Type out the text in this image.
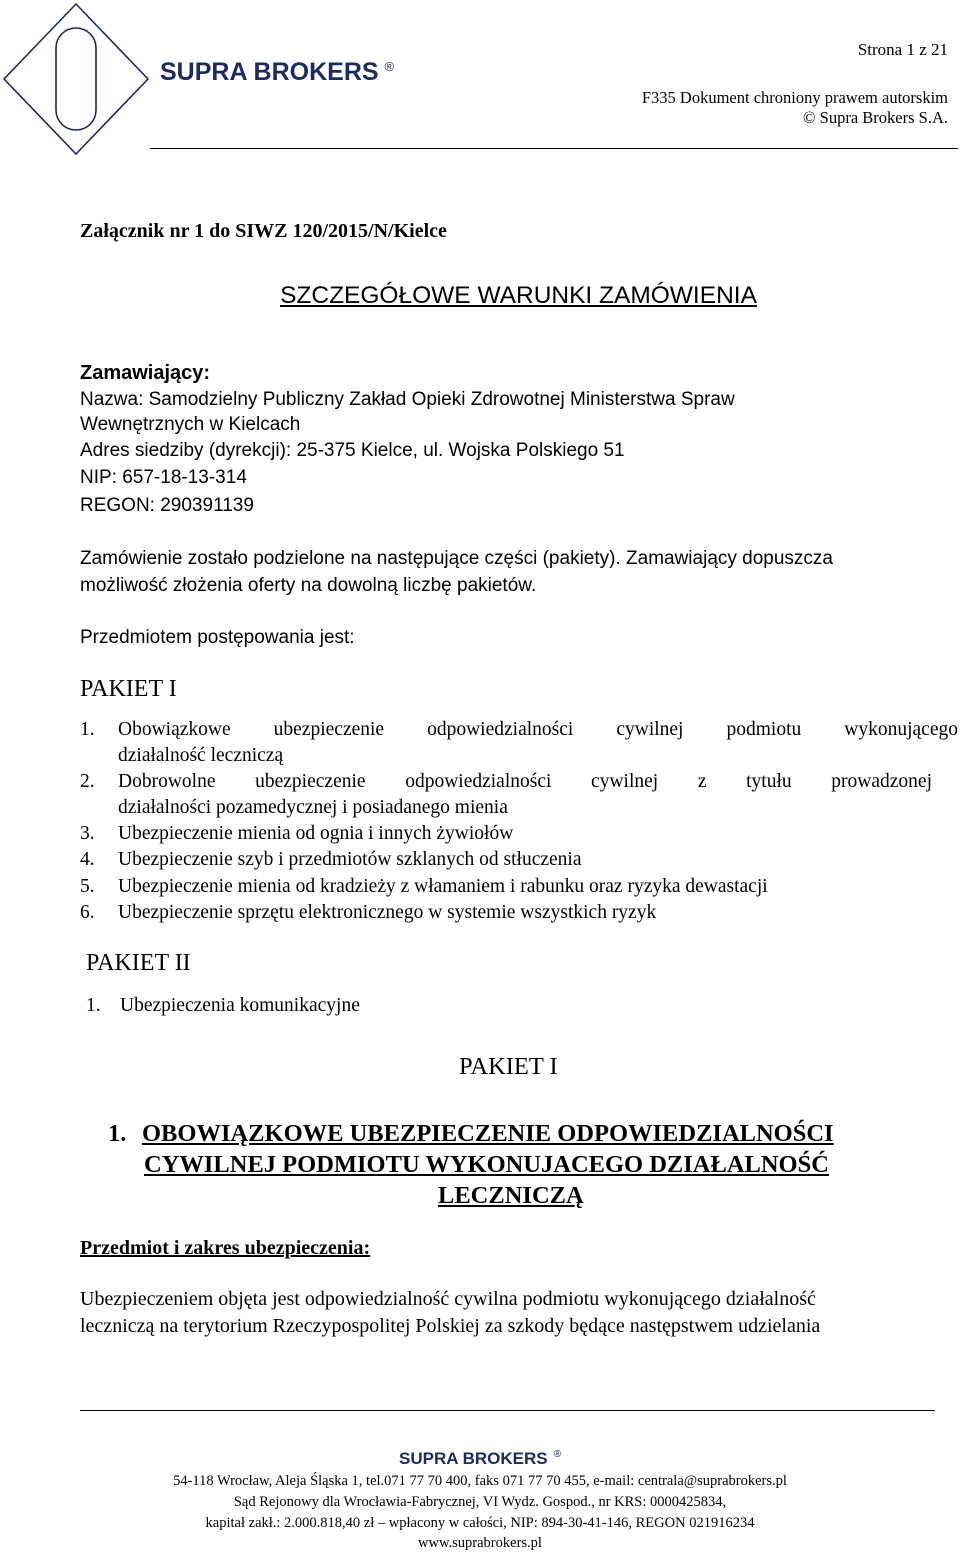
SUPRA BROKERS ®
Strona 1 z 21
F335 Dokument chroniony prawem autorskim
© Supra Brokers S.A.
Załącznik nr 1 do SIWZ 120/2015/N/Kielce
SZCZEGÓŁOWE WARUNKI ZAMÓWIENIA
Zamawiający:
Nazwa: Samodzielny Publiczny Zakład Opieki Zdrowotnej Ministerstwa Spraw
Wewnętrznych w Kielcach
Adres siedziby (dyrekcji): 25-375 Kielce, ul. Wojska Polskiego 51
NIP: 657-18-13-314
REGON: 290391139
Zamówienie zostało podzielone na następujące części (pakiety). Zamawiający dopuszcza
możliwość złożenia oferty na dowolną liczbę pakietów.
Przedmiotem postępowania jest:
PAKIET I
1. Obowiązkowe ubezpieczenie odpowiedzialności cywilnej podmiotu wykonującego
działalność leczniczą
2. Dobrowolne ubezpieczenie odpowiedzialności cywilnej z tytułu prowadzonej
działalności pozamedycznej i posiadanego mienia
3. Ubezpieczenie mienia od ognia i innych żywiołów
4. Ubezpieczenie szyb i przedmiotów szklanych od stłuczenia
5. Ubezpieczenie mienia od kradzieży z włamaniem i rabunku oraz ryzyka dewastacji
6. Ubezpieczenie sprzętu elektronicznego w systemie wszystkich ryzyk
PAKIET II
1. Ubezpieczenia komunikacyjne
PAKIET I
1. OBOWIĄZKOWE UBEZPIECZENIE ODPOWIEDZIALNOŚCI
CYWILNEJ PODMIOTU WYKONUJACEGO DZIAŁALNOŚĆ
LECZNICZĄ
Przedmiot i zakres ubezpieczenia:
Ubezpieczeniem objęta jest odpowiedzialność cywilna podmiotu wykonującego działalność
leczniczą na terytorium Rzeczypospolitej Polskiej za szkody będące następstwem udzielania
SUPRA BROKERS ®
54-118 Wrocław, Aleja Śląska 1, tel.071 77 70 400, faks 071 77 70 455, e-mail: centrala@suprabrokers.pl
Sąd Rejonowy dla Wrocławia-Fabrycznej, VI Wydz. Gospod., nr KRS: 0000425834,
kapitał zakł.: 2.000.818,40 zł – wpłacony w całości, NIP: 894-30-41-146, REGON 021916234
www.suprabrokers.pl
